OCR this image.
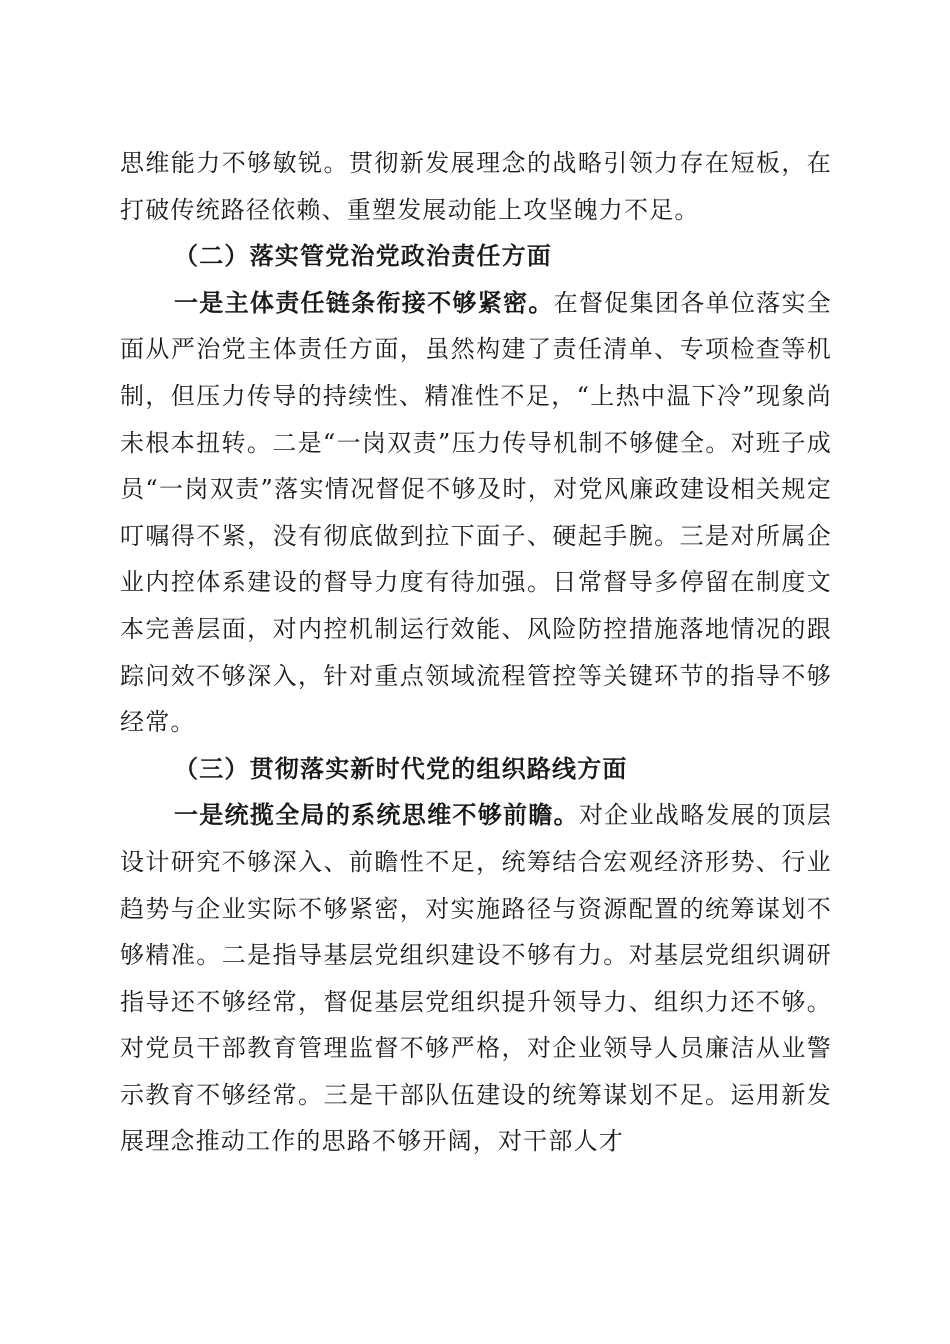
思维能力不够敏锐。贯彻新发展理念的战略引领力存在短板，在打破传统路径依赖、重塑发展动能上攻坚魄力不足。

（二）落实管党治党政治责任方面

一是主体责任链条衔接不够紧密。在督促集团各单位落实全面从严治党主体责任方面，虽然构建了责任清单、专项检查等机制，但压力传导的持续性、精准性不足，“上热中温下冷”现象尚未根本扭转。二是“一岗双责”压力传导机制不够健全。对班子成员“一岗双责”落实情况督促不够及时，对党风廉政建设相关规定叮嘱得不紧，没有彻底做到拉下面子、硬起手腕。三是对所属企业内控体系建设的督导力度有待加强。日常督导多停留在制度文本完善层面，对内控机制运行效能、风险防控措施落地情况的跟踪问效不够深入，针对重点领域流程管控等关键环节的指导不够经常。

（三）贯彻落实新时代党的组织路线方面

一是统揽全局的系统思维不够前瞻。对企业战略发展的顶层设计研究不够深入、前瞻性不足，统筹结合宏观经济形势、行业趋势与企业实际不够紧密，对实施路径与资源配置的统筹谋划不够精准。二是指导基层党组织建设不够有力。对基层党组织调研指导还不够经常，督促基层党组织提升领导力、组织力还不够。对党员干部教育管理监督不够严格，对企业领导人员廉洁从业警示教育不够经常。三是干部队伍建设的统筹谋划不足。运用新发展理念推动工作的思路不够开阔，对干部人才
